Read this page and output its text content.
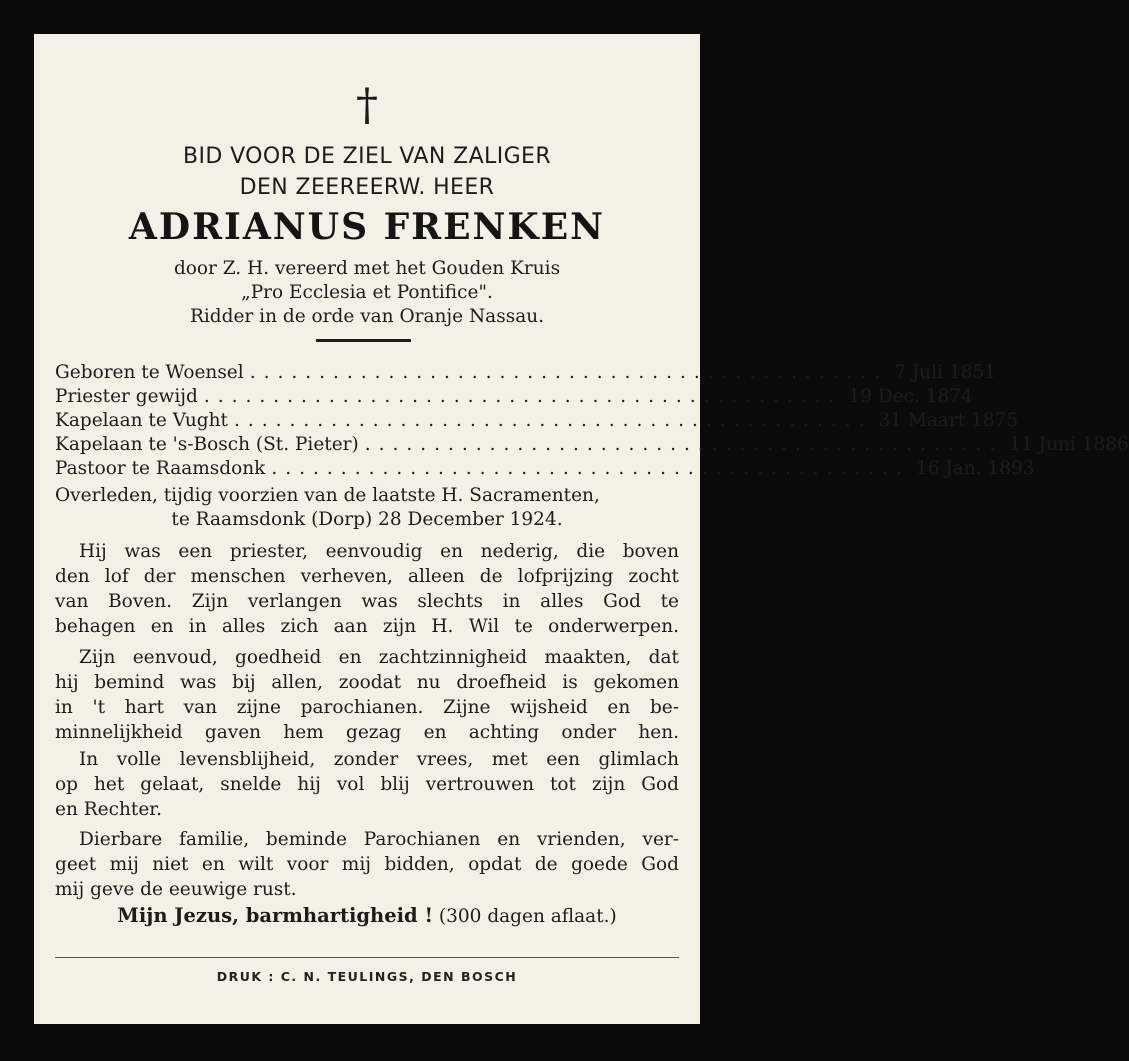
†
BID VOOR DE ZIEL VAN ZALIGER
DEN ZEEREERW. HEER
ADRIANUS FRENKEN
door Z. H. vereerd met het Gouden Kruis
„Pro Ecclesia et Pontifice".
Ridder in de orde van Oranje Nassau.
Geboren te Woensel .............................................. 7 Juli 1851
Priester gewijd .............................................. 19 Dec. 1874
Kapelaan te Vught .............................................. 31 Maart 1875
Kapelaan te 's-Bosch (St. Pieter) .............................................. 11 Juni 1886
Pastoor te Raamsdonk .............................................. 16 Jan. 1893
Overleden, tijdig voorzien van de laatste H. Sacramenten,
te Raamsdonk (Dorp) 28 December 1924.
Hij was een priester, eenvoudig en nederig, die boven
den lof der menschen verheven, alleen de lofprijzing zocht
van Boven. Zijn verlangen was slechts in alles God te
behagen en in alles zich aan zijn H. Wil te onderwerpen.
Zijn eenvoud, goedheid en zachtzinnigheid maakten, dat
hij bemind was bij allen, zoodat nu droefheid is gekomen
in 't hart van zijne parochianen. Zijne wijsheid en be-
minnelijkheid gaven hem gezag en achting onder hen.
In volle levensblijheid, zonder vrees, met een glimlach
op het gelaat, snelde hij vol blij vertrouwen tot zijn God
en Rechter.
Dierbare familie, beminde Parochianen en vrienden, ver-
geet mij niet en wilt voor mij bidden, opdat de goede God
mij geve de eeuwige rust.
Mijn Jezus, barmhartigheid ! (300 dagen aflaat.)
DRUK : C. N. TEULINGS, DEN BOSCH
